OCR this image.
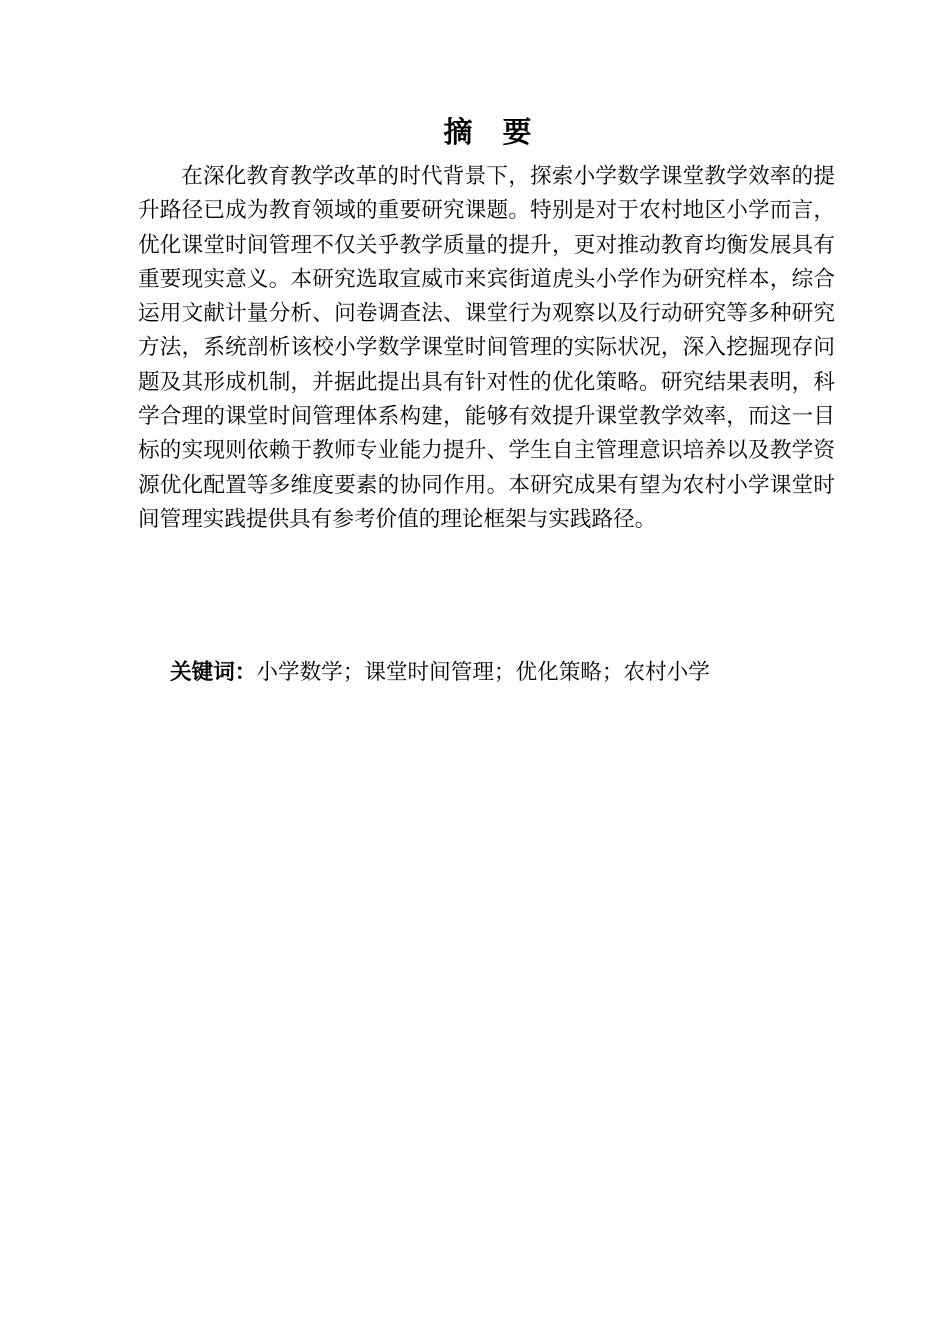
摘 要

在深化教育教学改革的时代背景下，探索小学数学课堂教学效率的提升路径已成为教育领域的重要研究课题。特别是对于农村地区小学而言，优化课堂时间管理不仅关乎教学质量的提升，更对推动教育均衡发展具有重要现实意义。本研究选取宣威市来宾街道虎头小学作为研究样本，综合运用文献计量分析、问卷调查法、课堂行为观察以及行动研究等多种研究方法，系统剖析该校小学数学课堂时间管理的实际状况，深入挖掘现存问题及其形成机制，并据此提出具有针对性的优化策略。研究结果表明，科学合理的课堂时间管理体系构建，能够有效提升课堂教学效率，而这一目标的实现则依赖于教师专业能力提升、学生自主管理意识培养以及教学资源优化配置等多维度要素的协同作用。本研究成果有望为农村小学课堂时间管理实践提供具有参考价值的理论框架与实践路径。

关键词：小学数学；课堂时间管理；优化策略；农村小学
